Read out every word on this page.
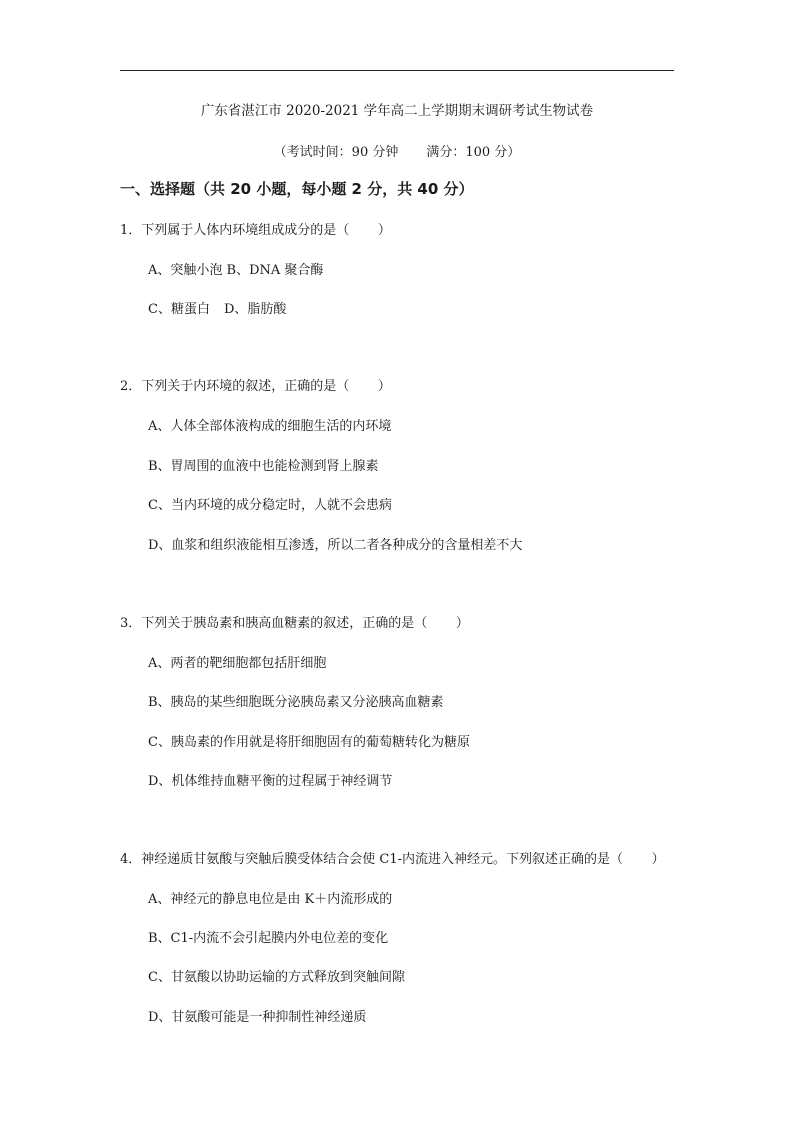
广东省湛江市 2020-2021 学年高二上学期期末调研考试生物试卷
（考试时间：90 分钟 满分：100 分）
一、选择题（共 20 小题，每小题 2 分，共 40 分）
1．下列属于人体内环境组成成分的是（ ）
A、突触小泡 B、DNA 聚合酶
C、糖蛋白 D、脂肪酸
2．下列关于内环境的叙述，正确的是（ ）
A、人体全部体液构成的细胞生活的内环境
B、胃周围的血液中也能检测到肾上腺素
C、当内环境的成分稳定时，人就不会患病
D、血浆和组织液能相互渗透，所以二者各种成分的含量相差不大
3．下列关于胰岛素和胰高血糖素的叙述，正确的是（ ）
A、两者的靶细胞都包括肝细胞
B、胰岛的某些细胞既分泌胰岛素又分泌胰高血糖素
C、胰岛素的作用就是将肝细胞固有的葡萄糖转化为糖原
D、机体维持血糖平衡的过程属于神经调节
4．神经递质甘氨酸与突触后膜受体结合会使 C1-内流进入神经元。下列叙述正确的是（ ）
A、神经元的静息电位是由 K＋内流形成的
B、C1-内流不会引起膜内外电位差的变化
C、甘氨酸以协助运输的方式释放到突触间隙
D、甘氨酸可能是一种抑制性神经递质
